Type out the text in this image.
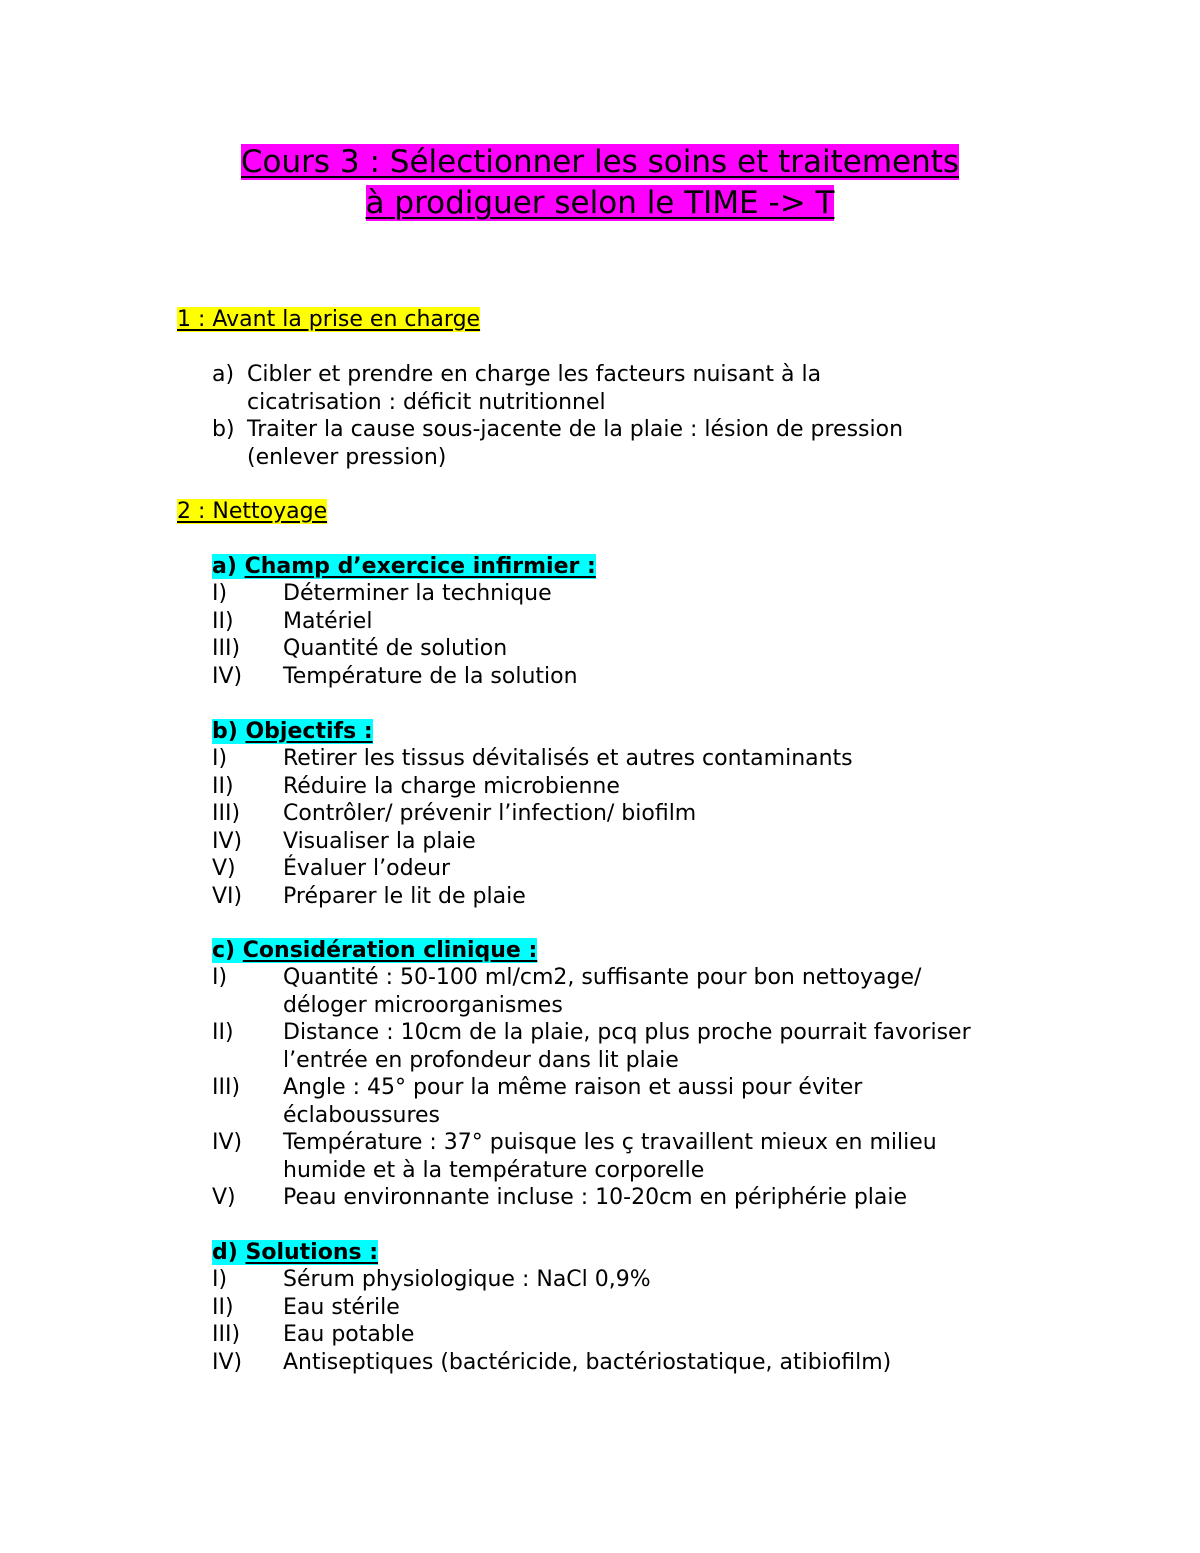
Cours 3 : Sélectionner les soins et traitements
à prodiguer selon le TIME -> T
1 : Avant la prise en charge
a) Cibler et prendre en charge les facteurs nuisant à la cicatrisation : déficit nutritionnel
b) Traiter la cause sous-jacente de la plaie : lésion de pression (enlever pression)
2 : Nettoyage

a) Champ d’exercice infirmier :

I)	Déterminer la technique
II)	Matériel
III)	Quantité de solution
IV)	Température de la solution

b) Objectifs :

I)	Retirer les tissus dévitalisés et autres contaminants
II)	Réduire la charge microbienne
III)	Contrôler/ prévenir l’infection/ biofilm
IV)	Visualiser la plaie
V)	Évaluer l’odeur
VI)	Préparer le lit de plaie

c) Considération clinique :

I)	Quantité : 50-100 ml/cm2, suffisante pour bon nettoyage/ déloger microorganismes
II)	Distance : 10cm de la plaie, pcq plus proche pourrait favoriser l’entrée en profondeur dans lit plaie
III)	Angle : 45° pour la même raison et aussi pour éviter éclaboussures
IV)	Température : 37° puisque les ç travaillent mieux en milieu humide et à la température corporelle
V)	Peau environnante incluse : 10-20cm en périphérie plaie

d) Solutions :

I)	Sérum physiologique : NaCl 0,9%
II)	Eau stérile
III)	Eau potable
IV)	Antiseptiques (bactéricide, bactériostatique, atibiofilm)
